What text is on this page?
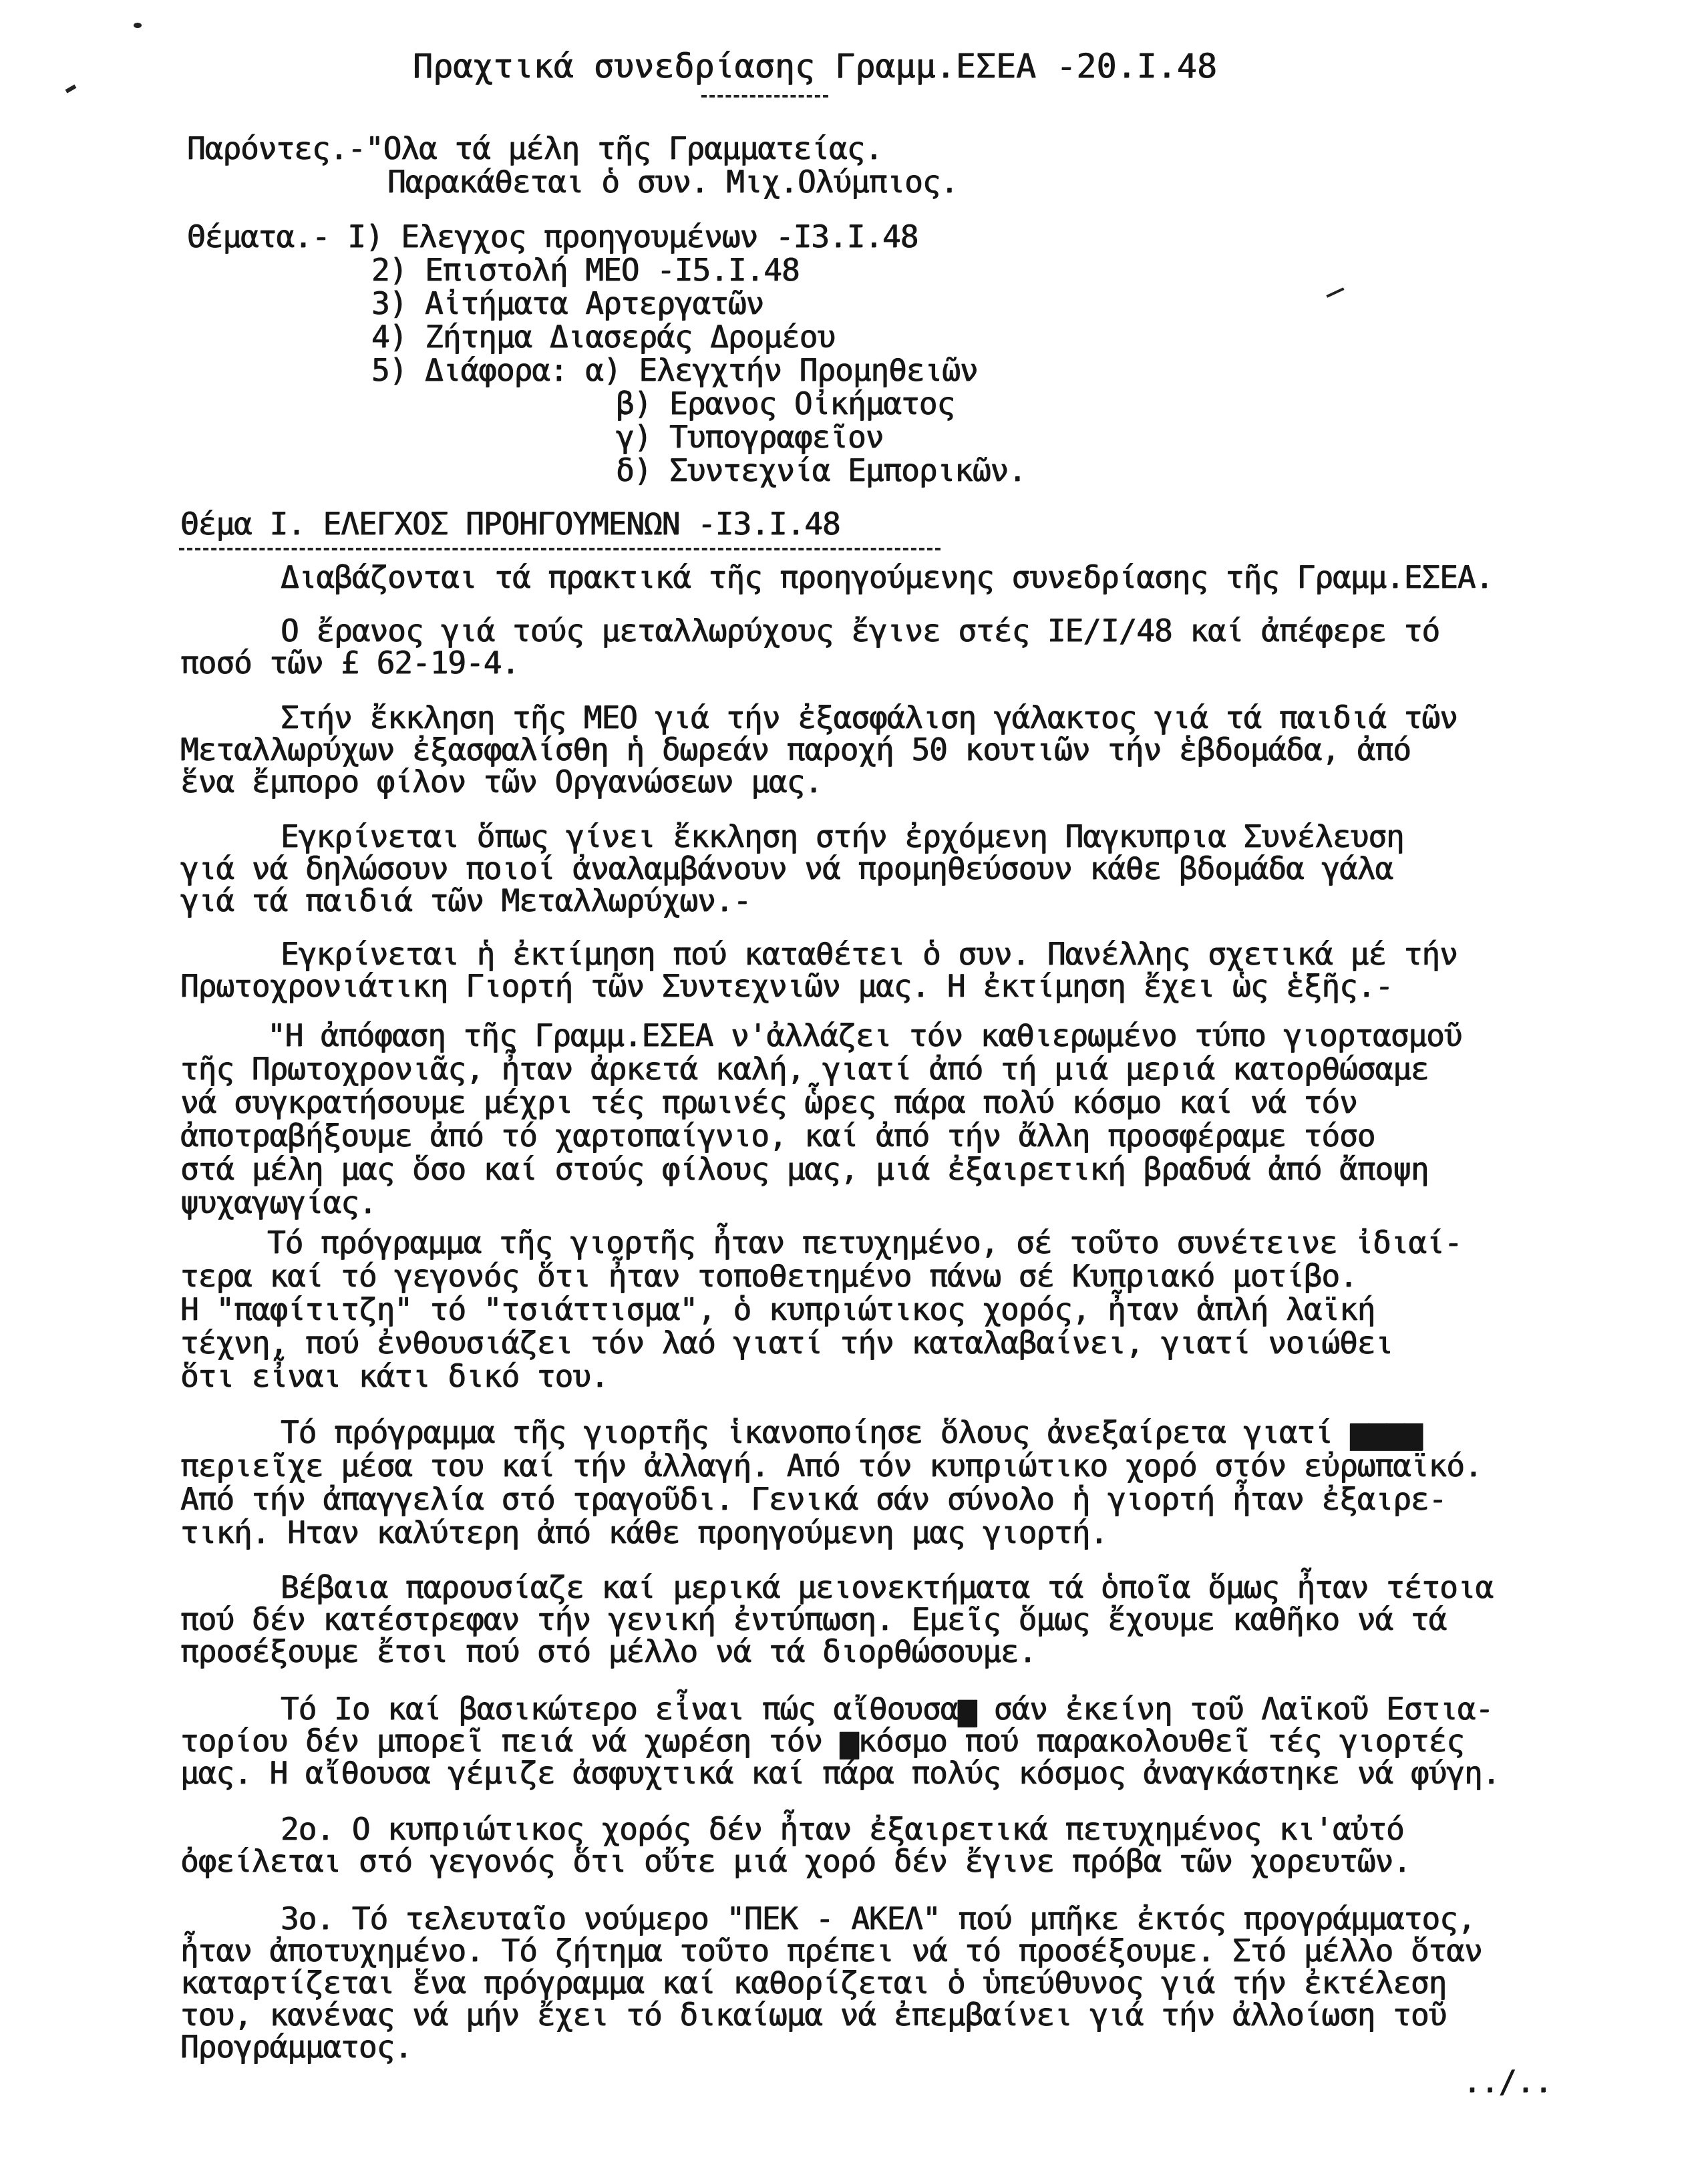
Πραχτικά συνεδρίασης Γραμμ.ΕΣΕΑ -20.I.48
Παρόντες.-"Ολα τά μέλη τῆς Γραμματείας.
Παρακάθεται ὁ συν. Μιχ.Ολύμπιος.
Θέματα.- I) Ελεγχος προηγουμένων -I3.I.48
2) Επιστολή ΜΕΟ -I5.I.48
3) Αἰτήματα Αρτεργατῶν
4) Ζήτημα Διασεράς Δρομέου
5) Διάφορα: α) Ελεγχτήν Προμηθειῶν
β) Ερανος Οἰκήματος
γ) Τυπογραφεῖον
δ) Συντεχνία Εμπορικῶν.
Θέμα I. ΕΛΕΓΧΟΣ ΠΡΟΗΓΟΥΜΕΝΩΝ -I3.I.48
Διαβάζονται τά πρακτικά τῆς προηγούμενης συνεδρίασης τῆς Γραμμ.ΕΣΕΑ.
Ο ἔρανος γιά τούς μεταλλωρύχους ἔγινε στές IΕ/I/48 καί ἀπέφερε τό
ποσό τῶν £ 62-19-4.
Στήν ἔκκληση τῆς ΜΕΟ γιά τήν ἐξασφάλιση γάλακτος γιά τά παιδιά τῶν
Μεταλλωρύχων ἐξασφαλίσθη ἡ δωρεάν παροχή 50 κουτιῶν τήν ἑβδομάδα, ἀπό
ἕνα ἔμπορο φίλον τῶν Οργανώσεων μας.
Εγκρίνεται ὅπως γίνει ἔκκληση στήν ἐρχόμενη Παγκυπρια Συνέλευση
γιά νά δηλώσουν ποιοί ἀναλαμβάνουν νά προμηθεύσουν κάθε βδομάδα γάλα
γιά τά παιδιά τῶν Μεταλλωρύχων.-
Εγκρίνεται ἡ ἐκτίμηση πού καταθέτει ὁ συν. Πανέλλης σχετικά μέ τήν
Πρωτοχρονιάτικη Γιορτή τῶν Συντεχνιῶν μας. Η ἐκτίμηση ἔχει ὡς ἑξῆς.-
"Η ἀπόφαση τῆς Γραμμ.ΕΣΕΑ ν'ἀλλάζει τόν καθιερωμένο τύπο γιορτασμοῦ
τῆς Πρωτοχρονιᾶς, ἦταν ἀρκετά καλή, γιατί ἀπό τή μιά μεριά κατορθώσαμε
νά συγκρατήσουμε μέχρι τές πρωινές ὧρες πάρα πολύ κόσμο καί νά τόν
ἀποτραβήξουμε ἀπό τό χαρτοπαίγνιο, καί ἀπό τήν ἄλλη προσφέραμε τόσο
στά μέλη μας ὅσο καί στούς φίλους μας, μιά ἐξαιρετική βραδυά ἀπό ἄποψη
ψυχαγωγίας.
Τό πρόγραμμα τῆς γιορτῆς ἦταν πετυχημένο, σέ τοῦτο συνέτεινε ἰδιαί-
τερα καί τό γεγονός ὅτι ἦταν τοποθετημένο πάνω σέ Κυπριακό μοτίβο.
Η "παφίτιτζη" τό "τσιάττισμα", ὁ κυπριώτικος χορός, ἦταν ἁπλή λαϊκή
τέχνη, πού ἐνθουσιάζει τόν λαό γιατί τήν καταλαβαίνει, γιατί νοιώθει
ὅτι εἶναι κάτι δικό του.
Τό πρόγραμμα τῆς γιορτῆς ἱκανοποίησε ὅλους ἀνεξαίρετα γιατί ▆▆▆▆
περιεῖχε μέσα του καί τήν ἀλλαγή. Από τόν κυπριώτικο χορό στόν εὐρωπαϊκό.
Από τήν ἀπαγγελία στό τραγοῦδι. Γενικά σάν σύνολο ἡ γιορτή ἦταν ἐξαιρε-
τική. Ηταν καλύτερη ἀπό κάθε προηγούμενη μας γιορτή.
Βέβαια παρουσίαζε καί μερικά μειονεκτήματα τά ὁποῖα ὅμως ἦταν τέτοια
πού δέν κατέστρεφαν τήν γενική ἐντύπωση. Εμεῖς ὅμως ἔχουμε καθῆκο νά τά
προσέξουμε ἔτσι πού στό μέλλο νά τά διορθώσουμε.
Τό Iο καί βασικώτερο εἶναι πώς αἴθουσα▆ σάν ἐκείνη τοῦ Λαϊκοῦ Εστια-
τορίου δέν μπορεῖ πειά νά χωρέση τόν ▆κόσμο πού παρακολουθεῖ τές γιορτές
μας. Η αἴθουσα γέμιζε ἀσφυχτικά καί πάρα πολύς κόσμος ἀναγκάστηκε νά φύγη.
2ο. Ο κυπριώτικος χορός δέν ἦταν ἐξαιρετικά πετυχημένος κι'αὐτό
ὀφείλεται στό γεγονός ὅτι οὔτε μιά χορό δέν ἔγινε πρόβα τῶν χορευτῶν.
3ο. Τό τελευταῖο νούμερο "ΠΕΚ - ΑΚΕΛ" πού μπῆκε ἐκτός προγράμματος,
ἦταν ἀποτυχημένο. Τό ζήτημα τοῦτο πρέπει νά τό προσέξουμε. Στό μέλλο ὅταν
καταρτίζεται ἕνα πρόγραμμα καί καθορίζεται ὁ ὑπεύθυνος γιά τήν ἐκτέλεση
του, κανένας νά μήν ἔχει τό δικαίωμα νά ἐπεμβαίνει γιά τήν ἀλλοίωση τοῦ
Προγράμματος.
../..
